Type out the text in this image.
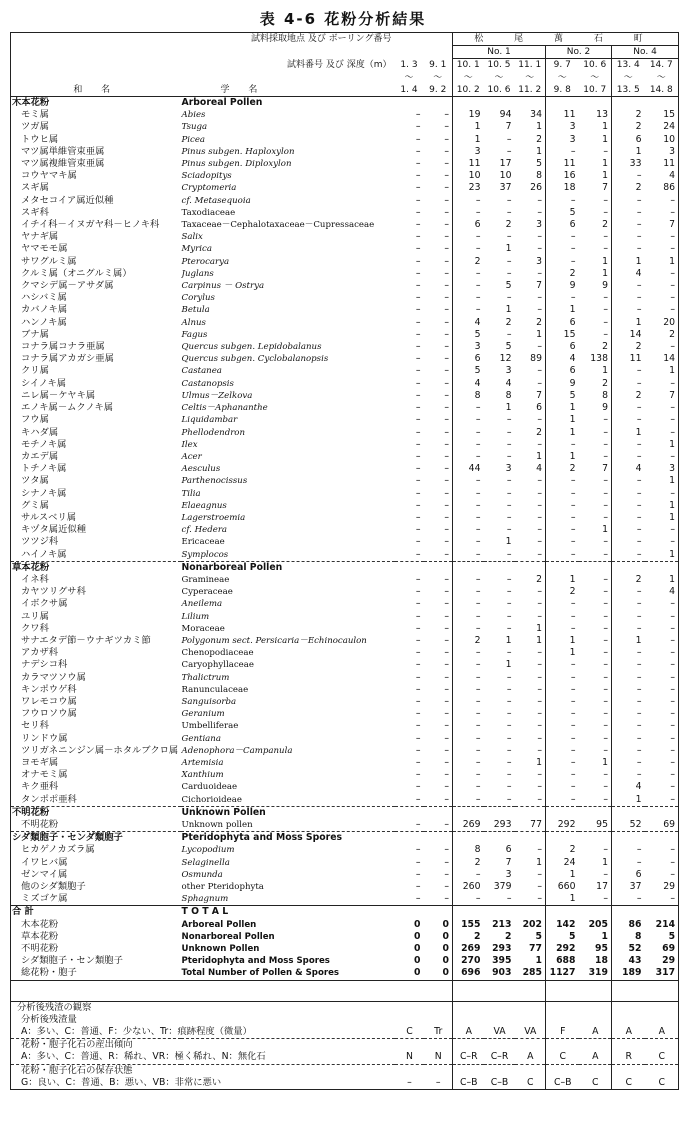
表 4-6 花粉分析結果
	試料採取地点 及び ボーリング番号			松 尾 萬 石 町						
				No. 1			No. 2		No. 4	
	試料番号 及び 深度（m）	1. 3	9. 1	10. 1	10. 5	11. 1	9. 7	10. 6	13. 4	14. 7
		～	～	～	～	～	～	～	～	～
和 名	学 名	1. 4	9. 2	10. 2	10. 6	11. 2	9. 8	10. 7	13. 5	14. 8
木本花粉	Arboreal Pollen									
モミ属	Abies	–	–	19	94	34	11	13	2	15
ツガ属	Tsuga	–	–	1	7	1	3	1	2	24
トウヒ属	Picea	–	–	1	–	2	3	1	6	10
マツ属単維管束亜属	Pinus subgen. Haploxylon	–	–	3	–	1	–	–	1	3
マツ属複維管束亜属	Pinus subgen. Diploxylon	–	–	11	17	5	11	1	33	11
コウヤマキ属	Sciadopitys	–	–	10	10	8	16	1	–	4
スギ属	Cryptomeria	–	–	23	37	26	18	7	2	86
メタセコイア属近似種	cf. Metasequoia	–	–	–	–	–	–	–	–	–
スギ科	Taxodiaceae	–	–	–	–	–	5	–	–	–
イチイ科－イヌガヤ科－ヒノキ科	Taxaceae－Cephalotaxaceae－Cupressaceae	–	–	6	2	3	6	2	–	7
ヤナギ属	Salix	–	–	–	–	–	–	–	–	–
ヤマモモ属	Myrica	–	–	–	1	–	–	–	–	–
サワグルミ属	Pterocarya	–	–	2	–	3	–	1	1	1
クルミ属（オニグルミ属）	Juglans	–	–	–	–	–	2	1	4	–
クマシデ属－アサダ属	Carpinus － Ostrya	–	–	–	5	7	9	9	–	–
ハシバミ属	Corylus	–	–	–	–	–	–	–	–	–
カバノキ属	Betula	–	–	–	1	–	1	–	–	–
ハンノキ属	Alnus	–	–	4	2	2	6	–	1	20
ブナ属	Fagus	–	–	5	–	1	15	–	14	2
コナラ属コナラ亜属	Quercus subgen. Lepidobalanus	–	–	3	5	–	6	2	2	–
コナラ属アカガシ亜属	Quercus subgen. Cyclobalanopsis	–	–	6	12	89	4	138	11	14
クリ属	Castanea	–	–	5	3	–	6	1	–	1
シイノキ属	Castanopsis	–	–	4	4	–	9	2	–	–
ニレ属－ケヤキ属	Ulmus－Zelkova	–	–	8	8	7	5	8	2	7
エノキ属－ムクノキ属	Celtis－Aphananthe	–	–	–	1	6	1	9	–	–
フウ属	Liquidambar	–	–	–	–	–	1	–	–	–
キハダ属	Phellodendron	–	–	–	–	2	1	–	1	–
モチノキ属	Ilex	–	–	–	–	–	–	–	–	1
カエデ属	Acer	–	–	–	–	1	1	–	–	–
トチノキ属	Aesculus	–	–	44	3	4	2	7	4	3
ツタ属	Parthenocissus	–	–	–	–	–	–	–	–	1
シナノキ属	Tilia	–	–	–	–	–	–	–	–	–
グミ属	Elaeagnus	–	–	–	–	–	–	–	–	1
サルスベリ属	Lagerstroemia	–	–	–	–	–	–	–	–	1
キヅタ属近似種	cf. Hedera	–	–	–	–	–	–	1	–	–
ツツジ科	Ericaceae	–	–	–	1	–	–	–	–	–
ハイノキ属	Symplocos	–	–	–	–	–	–	–	–	1
草本花粉	Nonarboreal Pollen									
イネ科	Gramineae	–	–	–	–	2	1	–	2	1
カヤツリグサ科	Cyperaceae	–	–	–	–	–	2	–	–	4
イボクサ属	Aneilema	–	–	–	–	–	–	–	–	–
ユリ属	Lilium	–	–	–	–	–	–	–	–	–
クワ科	Moraceae	–	–	–	–	1	–	–	–	–
サナエタデ節－ウナギツカミ節	Polygonum sect. Persicaria－Echinocaulon	–	–	2	1	1	1	–	1	–
アカザ科	Chenopodiaceae	–	–	–	–	–	1	–	–	–
ナデシコ科	Caryophyllaceae	–	–	–	1	–	–	–	–	–
カラマツソウ属	Thalictrum	–	–	–	–	–	–	–	–	–
キンポウゲ科	Ranunculaceae	–	–	–	–	–	–	–	–	–
ワレモコウ属	Sanguisorba	–	–	–	–	–	–	–	–	–
フウロソウ属	Geranium	–	–	–	–	–	–	–	–	–
セリ科	Umbelliferae	–	–	–	–	–	–	–	–	–
リンドウ属	Gentiana	–	–	–	–	–	–	–	–	–
ツリガネニンジン属－ホタルブクロ属	Adenophora－Campanula	–	–	–	–	–	–	–	–	–
ヨモギ属	Artemisia	–	–	–	–	1	–	1	–	–
オナモミ属	Xanthium	–	–	–	–	–	–	–	–	–
キク亜科	Carduoideae	–	–	–	–	–	–	–	4	–
タンポポ亜科	Cichorioideae	–	–	–	–	–	–	–	1	–
不明花粉	Unknown Pollen									
不明花粉	Unknown pollen	–	–	269	293	77	292	95	52	69
シダ類胞子・センダ類胞子	Pteridophyta and Moss Spores									
ヒカゲノカズラ属	Lycopodium	–	–	8	6	–	2	–	–	–
イワヒバ属	Selaginella	–	–	2	7	1	24	1	–	–
ゼンマイ属	Osmunda	–	–	–	3	–	1	–	6	–
他のシダ類胞子	other Pteridophyta	–	–	260	379	–	660	17	37	29
ミズゴケ属	Sphagnum	–	–	–	–	–	1	–	–	–
合 計	T O T A L									
木本花粉	Arboreal Pollen	0	0	155	213	202	142	205	86	214
草本花粉	Nonarboreal Pollen	0	0	2	2	5	5	1	8	5
不明花粉	Unknown Pollen	0	0	269	293	77	292	95	52	69
シダ類胞子・セン類胞子	Pteridophyta and Moss Spores	0	0	270	395	1	688	18	43	29
総花粉・胞子	Total Number of Pollen & Spores	0	0	696	903	285	1127	319	189	317

分析後残渣の観察										
分析後残渣量										
A：多い、C：普通、F：少ない、Tr：痕跡程度（微量）		C	Tr	A	VA	VA	F	A	A	A
花粉・胞子化石の産出傾向										
A：多い、C：普通、R：稀れ、VR：極く稀れ、N：無化石		N	N	C–R	C–R	A	C	A	R	C
花粉・胞子化石の保存状態										
G：良い、C：普通、B：悪い、VB：非常に悪い		–	–	C–B	C–B	C	C–B	C	C	C
